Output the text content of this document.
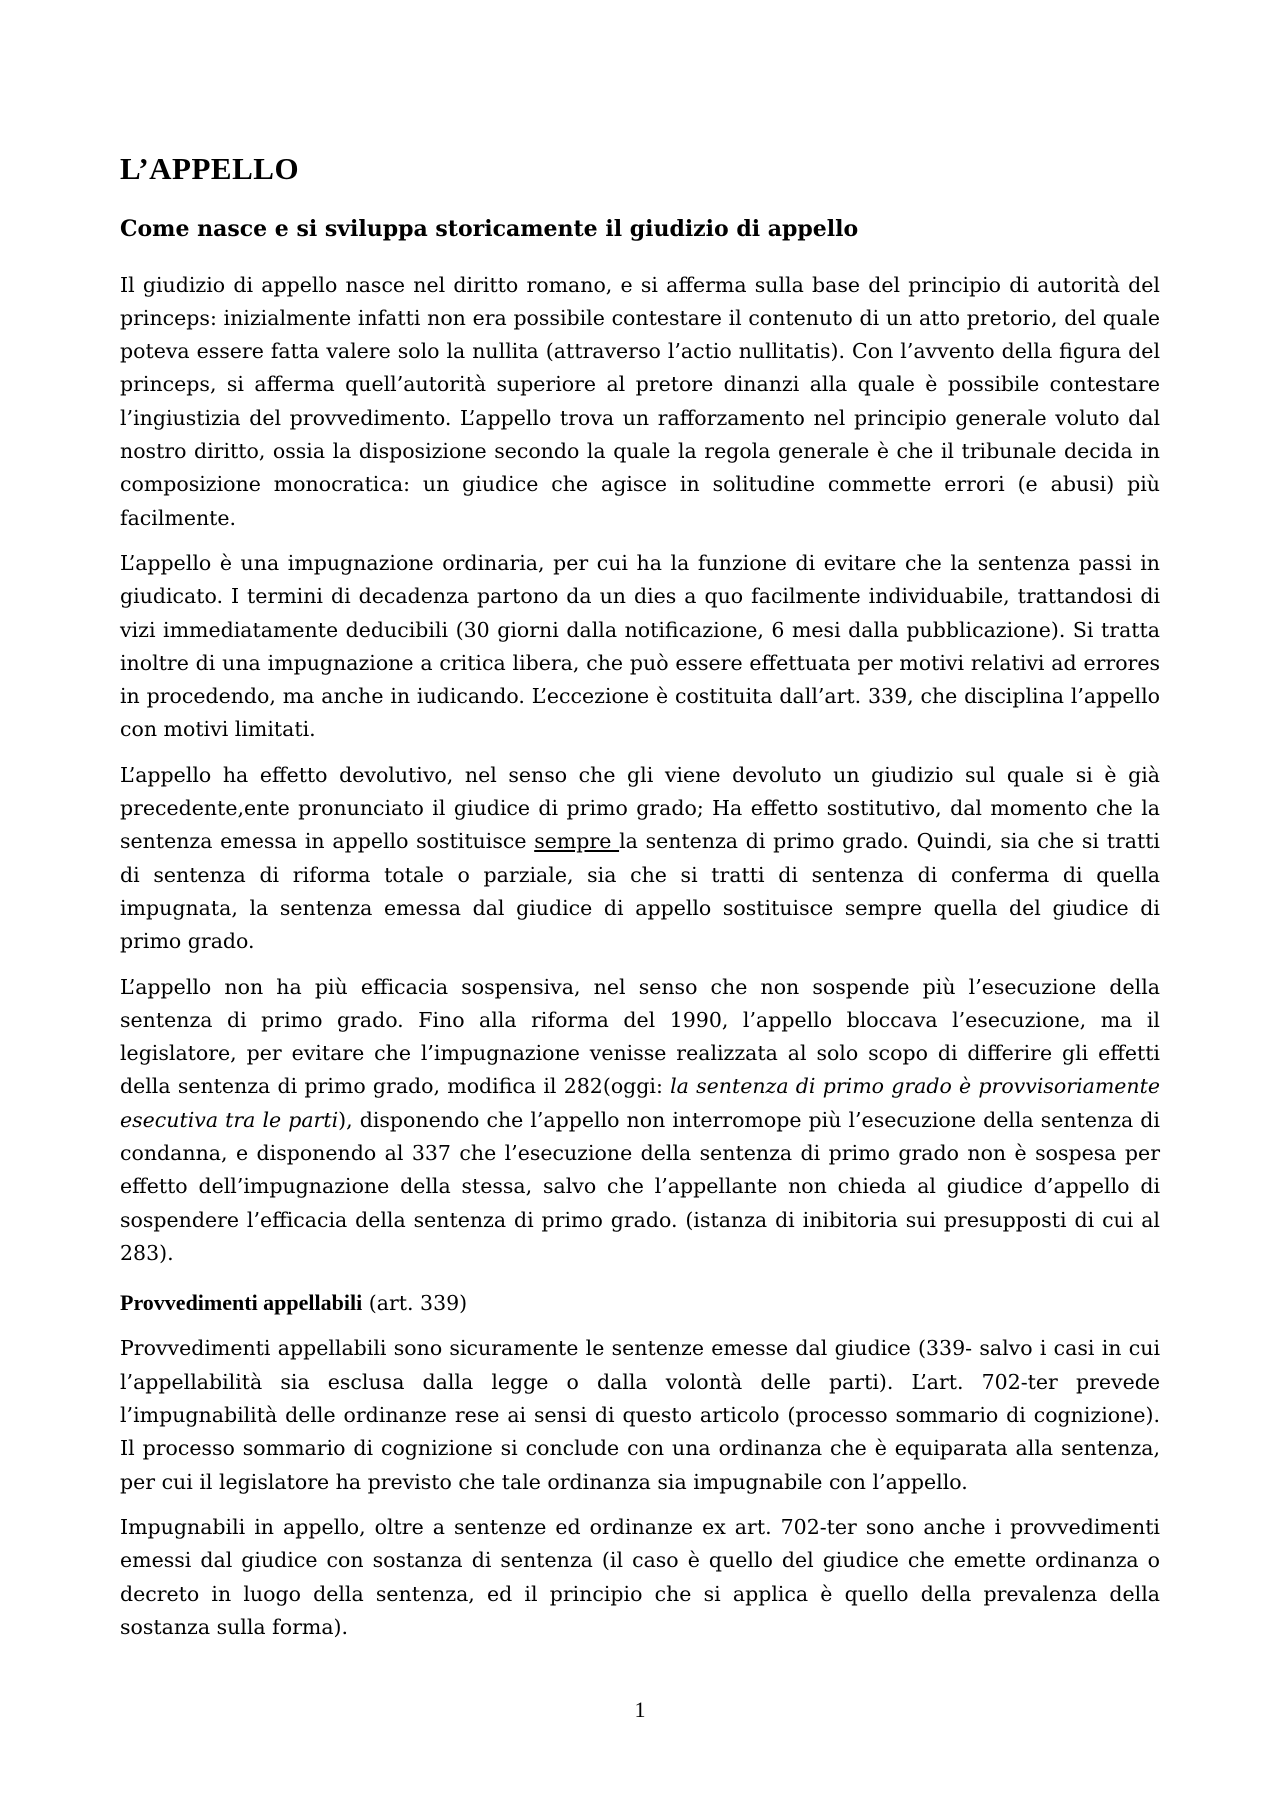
L’APPELLO
Come nasce e si sviluppa storicamente il giudizio di appello

Il giudizio di appello nasce nel diritto romano, e si afferma sulla base del principio di autorità del princeps: inizialmente infatti non era possibile contestare il contenuto di un atto pretorio, del quale poteva essere fatta valere solo la nullita (attraverso l’actio nullitatis). Con l’avvento della figura del princeps, si afferma quell’autorità superiore al pretore dinanzi alla quale è possibile contestare l’ingiustizia del provvedimento. L’appello trova un rafforzamento nel principio generale voluto dal nostro diritto, ossia la disposizione secondo la quale la regola generale è che il tribunale decida in composizione monocratica: un giudice che agisce in solitudine commette errori (e abusi) più facilmente.

L’appello è una impugnazione ordinaria, per cui ha la funzione di evitare che la sentenza passi in giudicato. I termini di decadenza partono da un dies a quo facilmente individuabile, trattandosi di vizi immediatamente deducibili (30 giorni dalla notificazione, 6 mesi dalla pubblicazione). Si tratta inoltre di una impugnazione a critica libera, che può essere effettuata per motivi relativi ad errores in procedendo, ma anche in iudicando. L’eccezione è costituita dall’art. 339, che disciplina l’appello con motivi limitati.

L’appello ha effetto devolutivo, nel senso che gli viene devoluto un giudizio sul quale si è già precedente,ente pronunciato il giudice di primo grado; Ha effetto sostitutivo, dal momento che la sentenza emessa in appello sostituisce sempre la sentenza di primo grado. Quindi, sia che si tratti di sentenza di riforma totale o parziale, sia che si tratti di sentenza di conferma di quella impugnata, la sentenza emessa dal giudice di appello sostituisce sempre quella del giudice di primo grado.

L’appello non ha più efficacia sospensiva, nel senso che non sospende più l’esecuzione della sentenza di primo grado. Fino alla riforma del 1990, l’appello bloccava l’esecuzione, ma il legislatore, per evitare che l’impugnazione venisse realizzata al solo scopo di differire gli effetti della sentenza di primo grado, modifica il 282(oggi: la sentenza di primo grado è provvisoriamente esecutiva tra le parti), disponendo che l’appello non interromope più l’esecuzione della sentenza di condanna, e disponendo al 337 che l’esecuzione della sentenza di primo grado non è sospesa per effetto dell’impugnazione della stessa, salvo che l’appellante non chieda al giudice d’appello di sospendere l’efficacia della sentenza di primo grado. (istanza di inibitoria sui presupposti di cui al 283).

Provvedimenti appellabili (art. 339)

Provvedimenti appellabili sono sicuramente le sentenze emesse dal giudice (339- salvo i casi in cui l’appellabilità sia esclusa dalla legge o dalla volontà delle parti). L’art. 702-ter prevede l’impugnabilità delle ordinanze rese ai sensi di questo articolo (processo sommario di cognizione). Il processo sommario di cognizione si conclude con una ordinanza che è equiparata alla sentenza, per cui il legislatore ha previsto che tale ordinanza sia impugnabile con l’appello.

Impugnabili in appello, oltre a sentenze ed ordinanze ex art. 702-ter sono anche i provvedimenti emessi dal giudice con sostanza di sentenza (il caso è quello del giudice che emette ordinanza o decreto in luogo della sentenza, ed il principio che si applica è quello della prevalenza della sostanza sulla forma).

1
